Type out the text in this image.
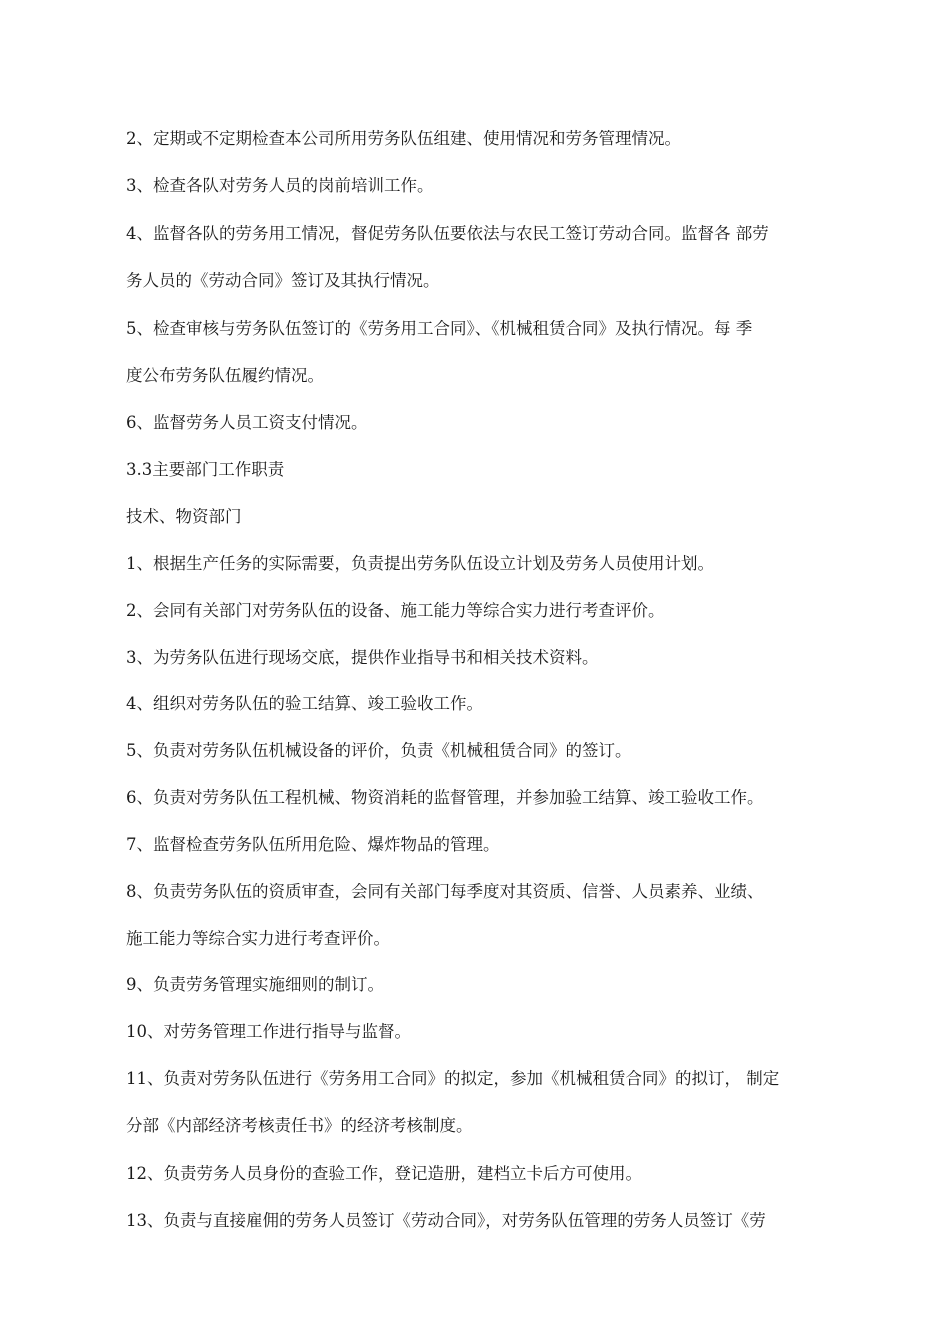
2、定期或不定期检查本公司所用劳务队伍组建、使用情况和劳务管理情况。
3、检查各队对劳务人员的岗前培训工作。
4、监督各队的劳务用工情况，督促劳务队伍要依法与农民工签订劳动合同。监督各 部劳
务人员的《劳动合同》签订及其执行情况。
5、检查审核与劳务队伍签订的《劳务用工合同》、《机械租赁合同》及执行情况。每 季
度公布劳务队伍履约情况。
6、监督劳务人员工资支付情况。
3.3主要部门工作职责
技术、物资部门
1、根据生产任务的实际需要，负责提出劳务队伍设立计划及劳务人员使用计划。
2、会同有关部门对劳务队伍的设备、施工能力等综合实力进行考查评价。
3、为劳务队伍进行现场交底，提供作业指导书和相关技术资料。
4、组织对劳务队伍的验工结算、竣工验收工作。
5、负责对劳务队伍机械设备的评价，负责《机械租赁合同》的签订。
6、负责对劳务队伍工程机械、物资消耗的监督管理，并参加验工结算、竣工验收工作。
7、监督检查劳务队伍所用危险、爆炸物品的管理。
8、负责劳务队伍的资质审查，会同有关部门每季度对其资质、信誉、人员素养、业绩、
施工能力等综合实力进行考查评价。
9、负责劳务管理实施细则的制订。
10、对劳务管理工作进行指导与监督。
11、负责对劳务队伍进行《劳务用工合同》的拟定，参加《机械租赁合同》的拟订， 制定
分部《内部经济考核责任书》的经济考核制度。
12、负责劳务人员身份的查验工作，登记造册，建档立卡后方可使用。
13、负责与直接雇佣的劳务人员签订《劳动合同》，对劳务队伍管理的劳务人员签订《劳
